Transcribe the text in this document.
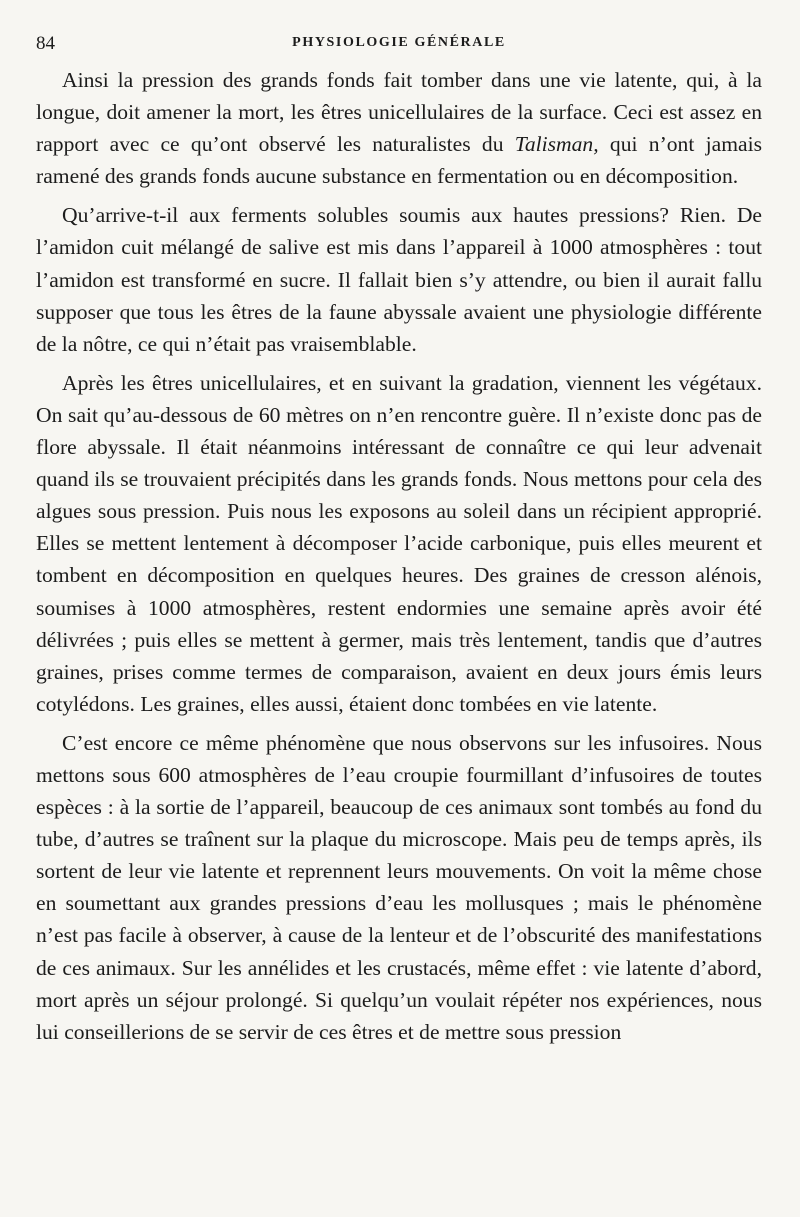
84	PHYSIOLOGIE GÉNÉRALE

Ainsi la pression des grands fonds fait tomber dans une vie latente, qui, à la longue, doit amener la mort, les êtres unicellulaires de la surface. Ceci est assez en rapport avec ce qu’ont observé les naturalistes du Talisman, qui n’ont jamais ramené des grands fonds aucune substance en fermentation ou en décomposition.

Qu’arrive-t-il aux ferments solubles soumis aux hautes pressions? Rien. De l’amidon cuit mélangé de salive est mis dans l’appareil à 1000 atmosphères : tout l’amidon est transformé en sucre. Il fallait bien s’y attendre, ou bien il aurait fallu supposer que tous les êtres de la faune abyssale avaient une physiologie différente de la nôtre, ce qui n’était pas vraisemblable.

Après les êtres unicellulaires, et en suivant la gradation, viennent les végétaux. On sait qu’au-dessous de 60 mètres on n’en rencontre guère. Il n’existe donc pas de flore abyssale. Il était néanmoins intéressant de connaître ce qui leur advenait quand ils se trouvaient précipités dans les grands fonds. Nous mettons pour cela des algues sous pression. Puis nous les exposons au soleil dans un récipient approprié. Elles se mettent lentement à décomposer l’acide carbonique, puis elles meurent et tombent en décomposition en quelques heures. Des graines de cresson alénois, soumises à 1000 atmosphères, restent endormies une semaine après avoir été délivrées ; puis elles se mettent à germer, mais très lentement, tandis que d’autres graines, prises comme termes de comparaison, avaient en deux jours émis leurs cotylédons. Les graines, elles aussi, étaient donc tombées en vie latente.

C’est encore ce même phénomène que nous observons sur les infusoires. Nous mettons sous 600 atmosphères de l’eau croupie fourmillant d’infusoires de toutes espèces : à la sortie de l’appareil, beaucoup de ces animaux sont tombés au fond du tube, d’autres se traînent sur la plaque du microscope. Mais peu de temps après, ils sortent de leur vie latente et reprennent leurs mouvements. On voit la même chose en soumettant aux grandes pressions d’eau les mollusques ; mais le phénomène n’est pas facile à observer, à cause de la lenteur et de l’obscurité des manifestations de ces animaux. Sur les annélides et les crustacés, même effet : vie latente d’abord, mort après un séjour prolongé. Si quelqu’un voulait répéter nos expériences, nous lui conseillerions de se servir de ces êtres et de mettre sous pression
